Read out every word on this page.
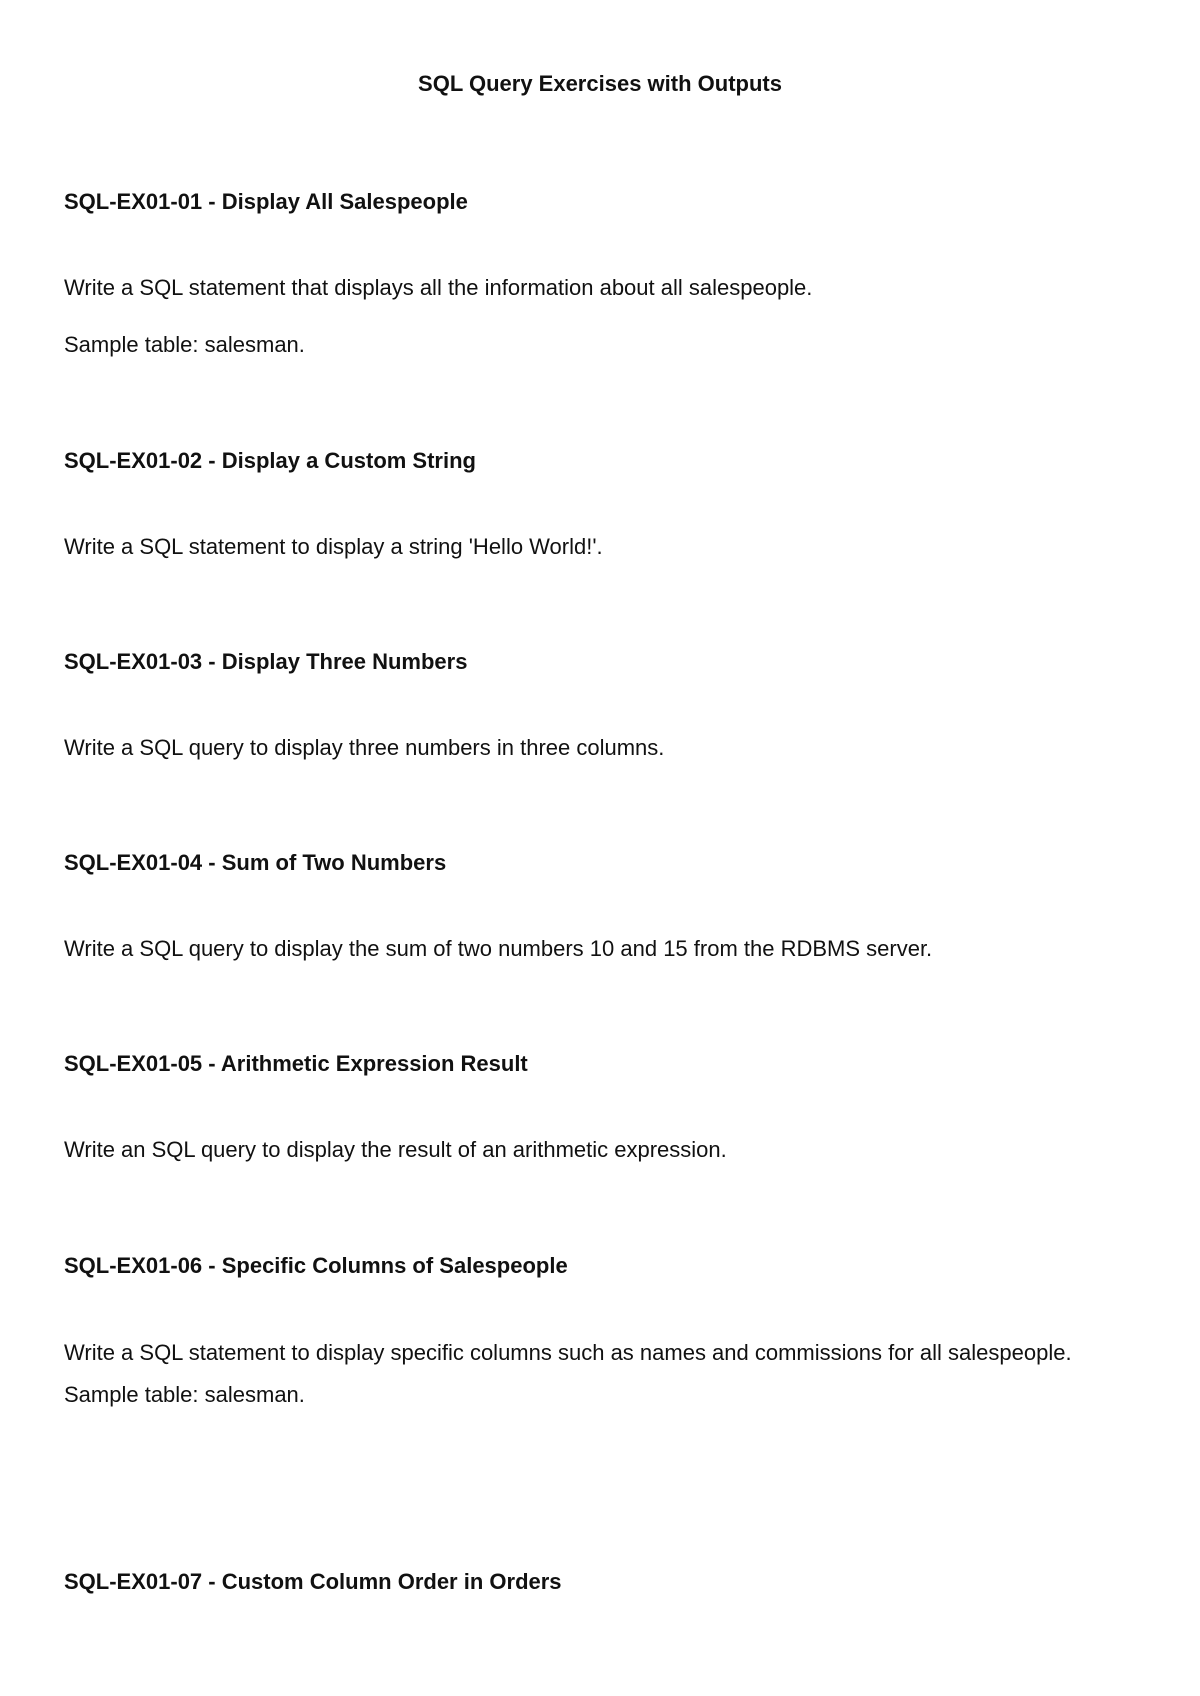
SQL Query Exercises with Outputs
SQL-EX01-01 - Display All Salespeople

Write a SQL statement that displays all the information about all salespeople.

Sample table: salesman.

SQL-EX01-02 - Display a Custom String

Write a SQL statement to display a string 'Hello World!'.

SQL-EX01-03 - Display Three Numbers

Write a SQL query to display three numbers in three columns.

SQL-EX01-04 - Sum of Two Numbers

Write a SQL query to display the sum of two numbers 10 and 15 from the RDBMS server.

SQL-EX01-05 - Arithmetic Expression Result

Write an SQL query to display the result of an arithmetic expression.

SQL-EX01-06 - Specific Columns of Salespeople

Write a SQL statement to display specific columns such as names and commissions for all salespeople.

Sample table: salesman.

SQL-EX01-07 - Custom Column Order in Orders
